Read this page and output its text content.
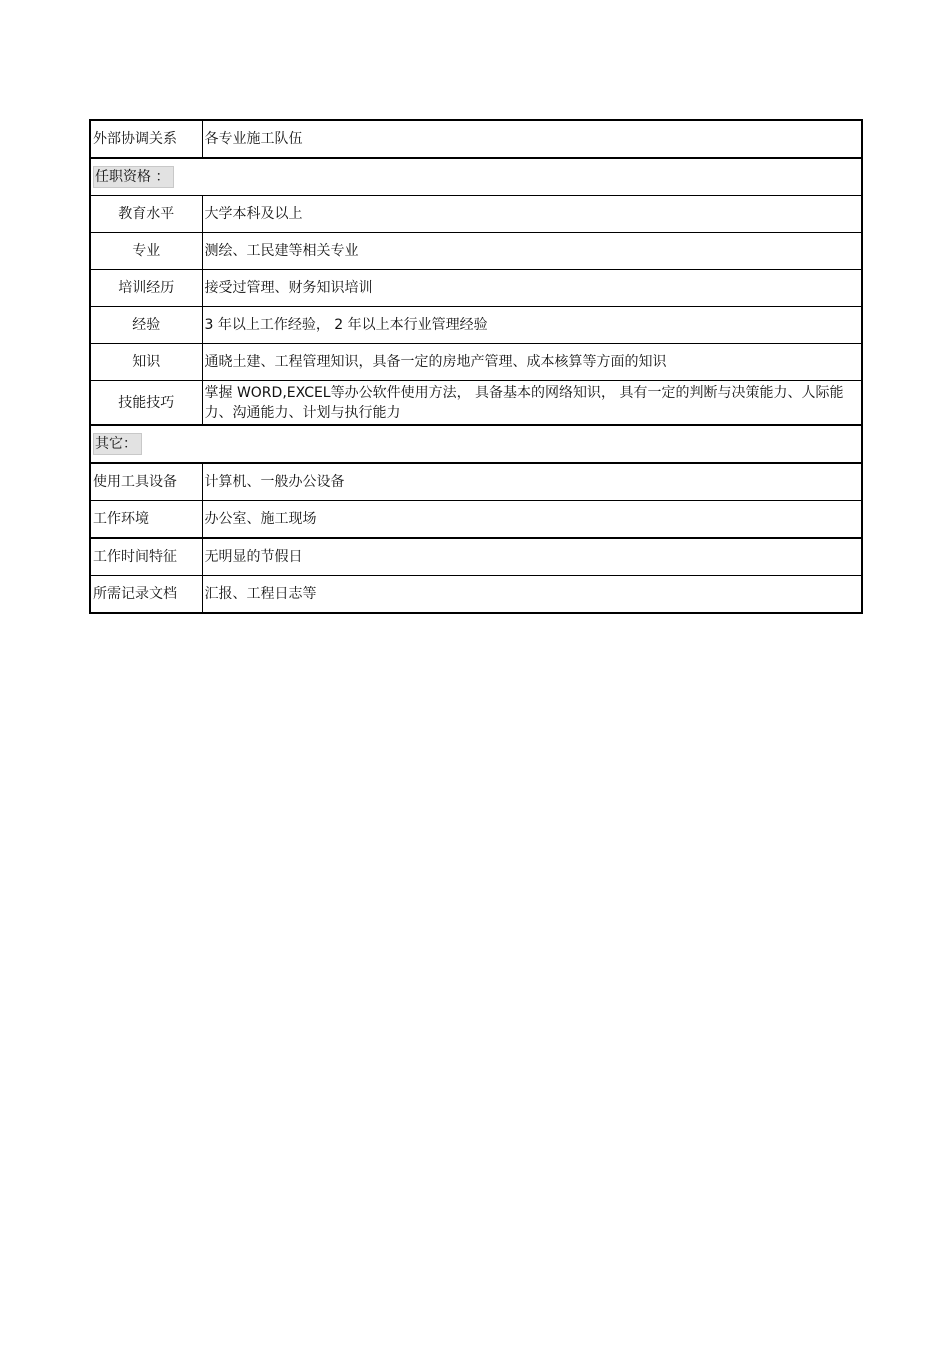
外部协调关系	各专业施工队伍
任职资格 ：	
教育水平	大学本科及以上
专业	测绘、工民建等相关专业
培训经历	接受过管理、财务知识培训
经验	3 年以上工作经验， 2 年以上本行业管理经验
知识	通晓土建、工程管理知识，具备一定的房地产管理、成本核算等方面的知识
技能技巧	掌握 WORD,EXCEL等办公软件使用方法， 具备基本的网络知识， 具有一定的判断与决策能力、人际能力、沟通能力、计划与执行能力
其它：	
使用工具设备	计算机、一般办公设备
工作环境	办公室、施工现场
工作时间特征	无明显的节假日
所需记录文档	汇报、工程日志等
